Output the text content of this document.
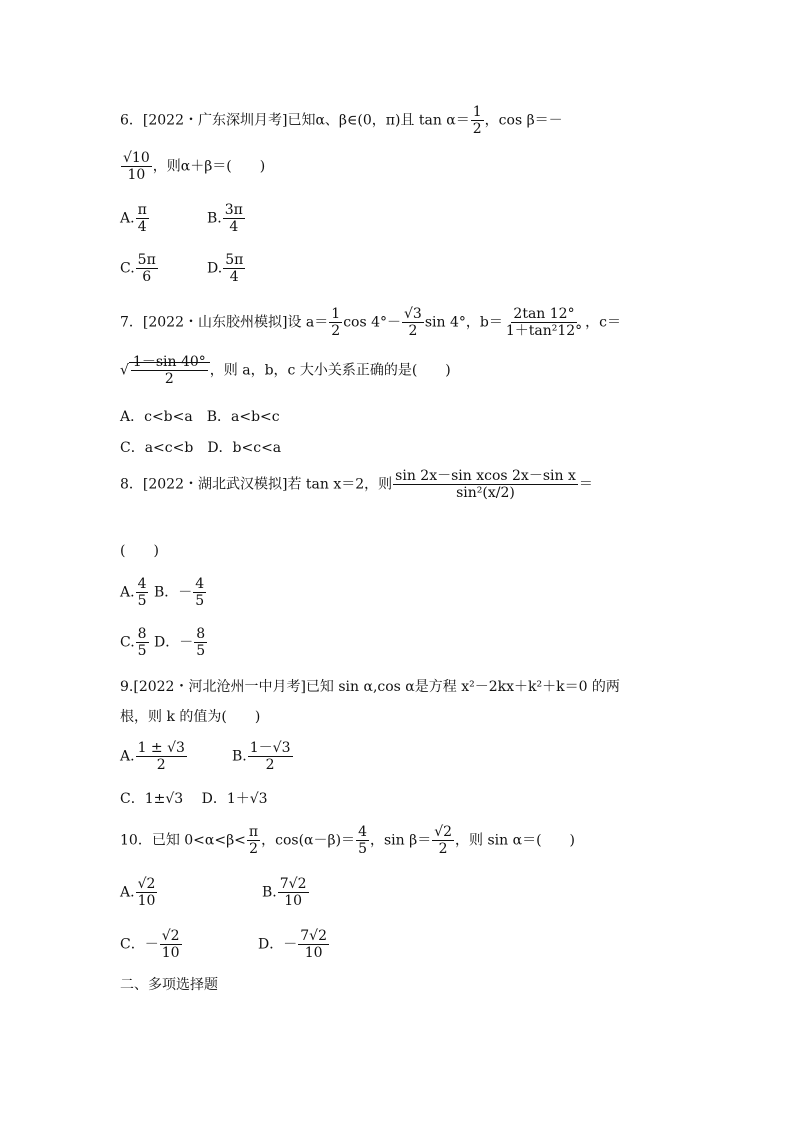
6．[2022・广东深圳月考]已知α、β∈(0，π)且 $\tan \alpha= \frac{1}{2}$ ，cos β＝－
$\frac{√10}{10}$ ，则α＋β＝(　　)
A. $\frac{\pi}{4}$	B. $\frac{3\pi}{4}$
C. $\frac{5\pi}{6}$	D. $\frac{5\pi}{4}$
7．[2022・山东胶州模拟]设 $a= \frac{1}{2}$ $\cos 4^\circ- \frac{√3}{2}$ sin 4°，$b= \frac{2\tan 12^\circ}{\text{1＋tan²12°}}$ ，c＝
√ $\frac{1-\sin 40^\circ}{2}$ ，则 a，b，c 大小关系正确的是(　　)
A．c<b<a　B．a<b<c
C．a<c<b　D．b<c<a
8．[2022・湖北武汉模拟]若 tan x＝2，则 $\frac{\text{sin 2x－sin xcos 2x－sin x}}{\text{sin²(x/2)}}$ ＝
(　　)
A. $\frac{4}{5}$ B．－ $\frac{4}{5}$
C. $\frac{8}{5}$ D．－ $\frac{8}{5}$
9.[2022・河北沧州一中月考]已知 sin α,cos α是方程 x²－2kx＋k²＋k＝0 的两
根，则 k 的值为(　　)
A. $\frac{1 \pm √3}{2}$	B. $\frac{1-√3}{2}$
C．1±√3　 D．1＋√3
10．已知 $0<\alpha<\beta< \frac{\pi}{2}$ ，$\cos(\alpha-\beta)= \frac{4}{5}$ ，$\sin \beta= \frac{√2}{2}$ ，则 sin α＝(　　)
A. $\frac{√2}{10}$	B. $\frac{7√2}{10}$
C．－ $\frac{√2}{10}$	D．－ $\frac{7√2}{10}$
二、多项选择题
